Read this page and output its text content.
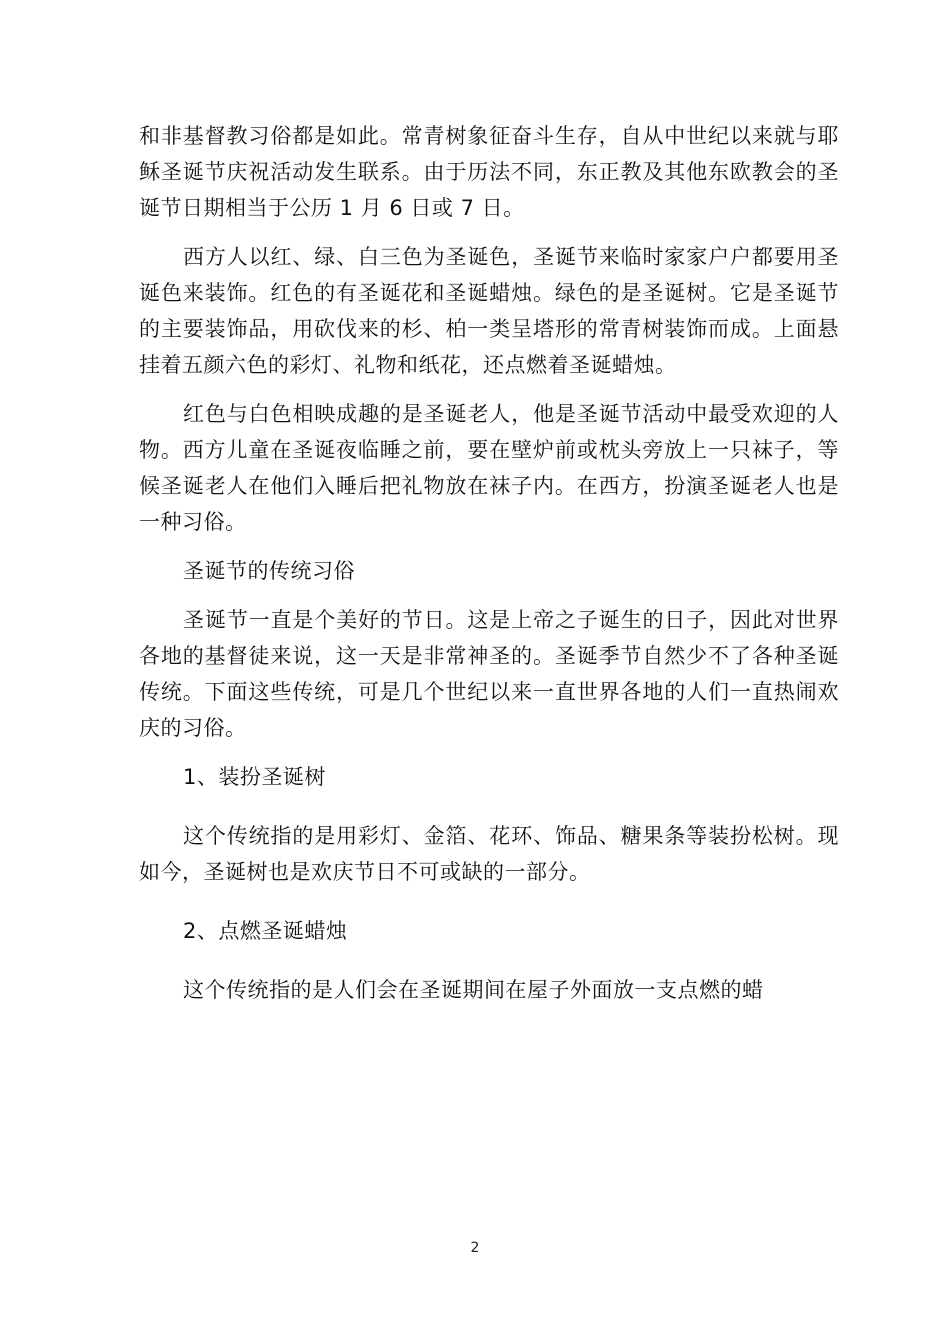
和非基督教习俗都是如此。常青树象征奋斗生存，自从中世纪以来就与耶稣圣诞节庆祝活动发生联系。由于历法不同，东正教及其他东欧教会的圣诞节日期相当于公历 1 月 6 日或 7 日。

西方人以红、绿、白三色为圣诞色，圣诞节来临时家家户户都要用圣诞色来装饰。红色的有圣诞花和圣诞蜡烛。绿色的是圣诞树。它是圣诞节的主要装饰品，用砍伐来的杉、柏一类呈塔形的常青树装饰而成。上面悬挂着五颜六色的彩灯、礼物和纸花，还点燃着圣诞蜡烛。

红色与白色相映成趣的是圣诞老人，他是圣诞节活动中最受欢迎的人物。西方儿童在圣诞夜临睡之前，要在壁炉前或枕头旁放上一只袜子，等候圣诞老人在他们入睡后把礼物放在袜子内。在西方，扮演圣诞老人也是一种习俗。

圣诞节的传统习俗

圣诞节一直是个美好的节日。这是上帝之子诞生的日子，因此对世界各地的基督徒来说，这一天是非常神圣的。圣诞季节自然少不了各种圣诞传统。下面这些传统，可是几个世纪以来一直世界各地的人们一直热闹欢庆的习俗。

1、装扮圣诞树

这个传统指的是用彩灯、金箔、花环、饰品、糖果条等装扮松树。现如今，圣诞树也是欢庆节日不可或缺的一部分。

2、点燃圣诞蜡烛

这个传统指的是人们会在圣诞期间在屋子外面放一支点燃的蜡

2
